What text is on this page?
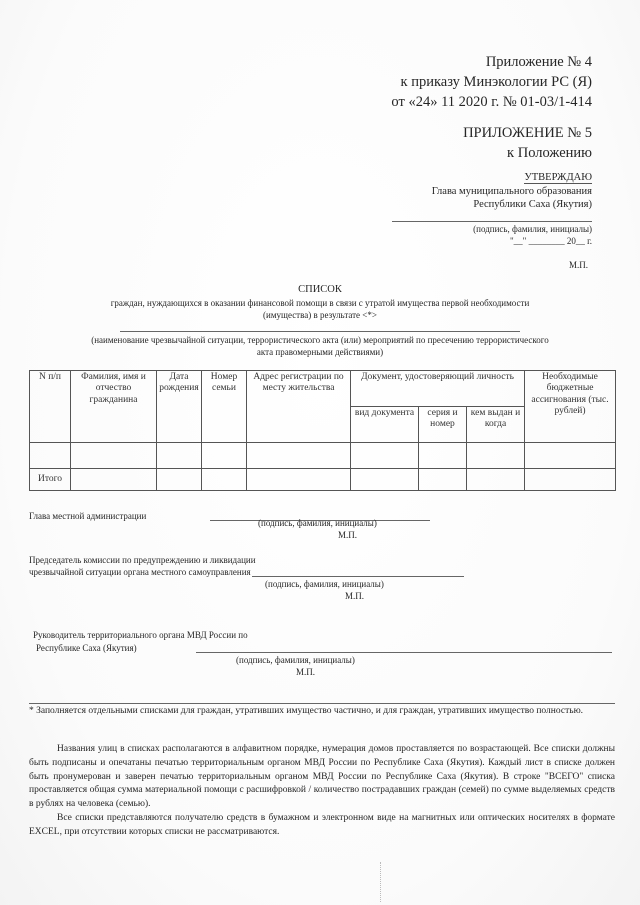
Приложение № 4
к приказу Минэкологии РС (Я)
от «24» 11 2020 г. № 01-03/1-414
ПРИЛОЖЕНИЕ № 5
к Положению
УТВЕРЖДАЮ
Глава муниципального образования
Республики Саха (Якутия)
(подпись, фамилия, инициалы)
"__" ________ 20__ г.
М.П.
СПИСОК
граждан, нуждающихся в оказании финансовой помощи в связи с утратой имущества первой необходимости
(имущества) в результате <*>
(наименование чрезвычайной ситуации, террористического акта (или) мероприятий по пресечению террористического
акта правомерными действиями)
N п/п	Фамилия, имя и отчество гражданина	Дата рождения	Номер семьи	Адрес регистрации по месту жительства	Документ, удостоверяющий личность			Необходимые бюджетные ассигнования (тыс. рублей)
					вид документа	серия и номер	кем выдан и когда	

Итого								
Глава местной администрации
(подпись, фамилия, инициалы)
М.П.
Председатель комиссии по предупреждению и ликвидации
чрезвычайной ситуации органа местного самоуправления
(подпись, фамилия, инициалы)
М.П.
Руководитель территориального органа МВД России по
Республике Саха (Якутия)
(подпись, фамилия, инициалы)
М.П.
* Заполняется отдельными списками для граждан, утративших имущество частично, и для граждан, утративших имущество полностью.
Названия улиц в списках располагаются в алфавитном порядке, нумерация домов проставляется по возрастающей. Все списки должны быть подписаны и опечатаны печатью территориальным органом МВД России по Республике Саха (Якутия). Каждый лист в списке должен быть пронумерован и заверен печатью территориальным органом МВД России по Республике Саха (Якутия). В строке "ВСЕГО" списка проставляется общая сумма материальной помощи с расшифровкой / количество пострадавших граждан (семей) по сумме выделяемых средств в рублях на человека (семью).
Все списки представляются получателю средств в бумажном и электронном виде на магнитных или оптических носителях в формате EXCEL, при отсутствии которых списки не рассматриваются.
